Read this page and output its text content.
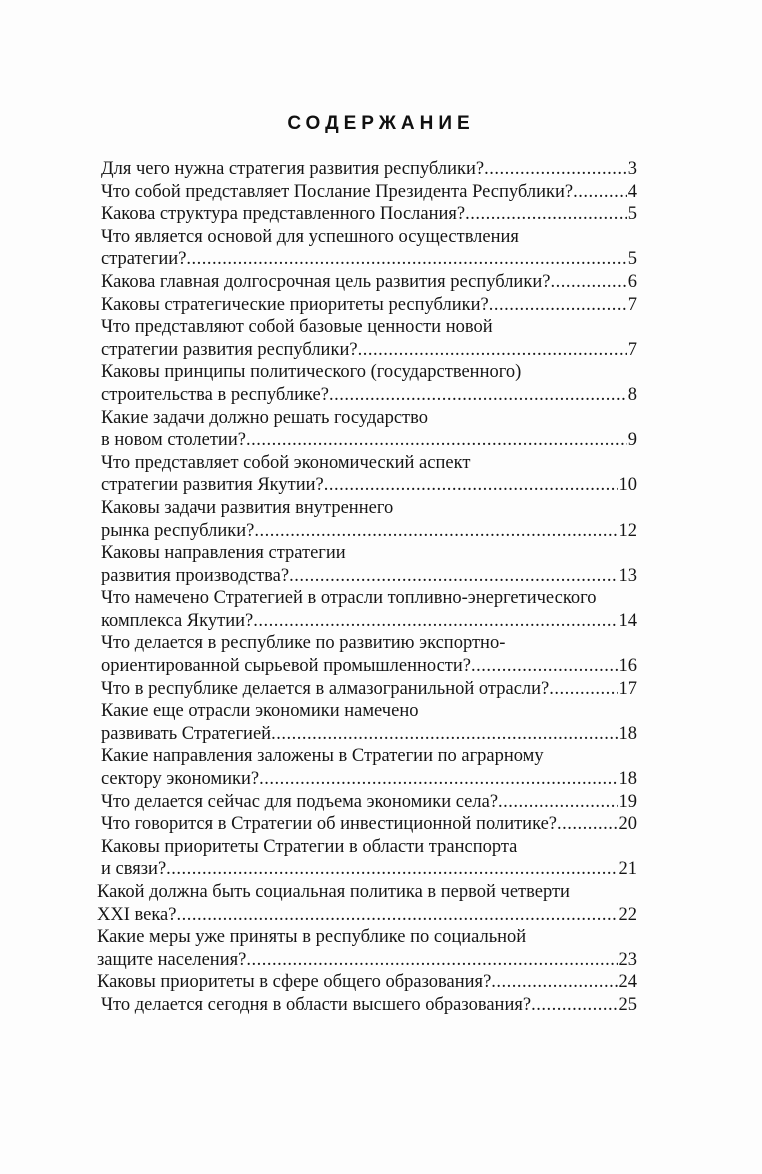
СОДЕРЖАНИЕ
Для чего нужна стратегия развития республики? .....	3
Что собой представляет Послание Президента Республики? .....	4
Какова структура представленного Послания? .....	5
Что является основой для успешного осуществления
стратегии? .....	5
Какова главная долгосрочная цель развития республики? .....	6
Каковы стратегические приоритеты республики? .....	7
Что представляют собой базовые ценности новой
стратегии развития республики? .....	7
Каковы принципы политического (государственного)
строительства в республике? .....	8
Какие задачи должно решать государство
в новом столетии? .....	9
Что представляет собой экономический аспект
стратегии развития Якутии? .....	10
Каковы задачи развития внутреннего
рынка республики? .....	12
Каковы направления стратегии
развития производства? .....	13
Что намечено Стратегией в отрасли топливно-энергетического
комплекса Якутии? .....	14
Что делается в республике по развитию экспортно-
ориентированной сырьевой промышленности? .....	16
Что в республике делается в алмазогранильной отрасли? .....	17
Какие еще отрасли экономики намечено
развивать Стратегией .....	18
Какие направления заложены в Стратегии по аграрному
сектору экономики? .....	18
Что делается сейчас для подъема экономики села? .....	19
Что говорится в Стратегии об инвестиционной политике? .....	20
Каковы приоритеты Стратегии в области транспорта
и связи? .....	21
Какой должна быть социальная политика в первой четверти
XXI века? .....	22
Какие меры уже приняты в республике по социальной
защите населения? .....	23
Каковы приоритеты в сфере общего образования? .....	24
Что делается сегодня в области высшего образования? .....	25
